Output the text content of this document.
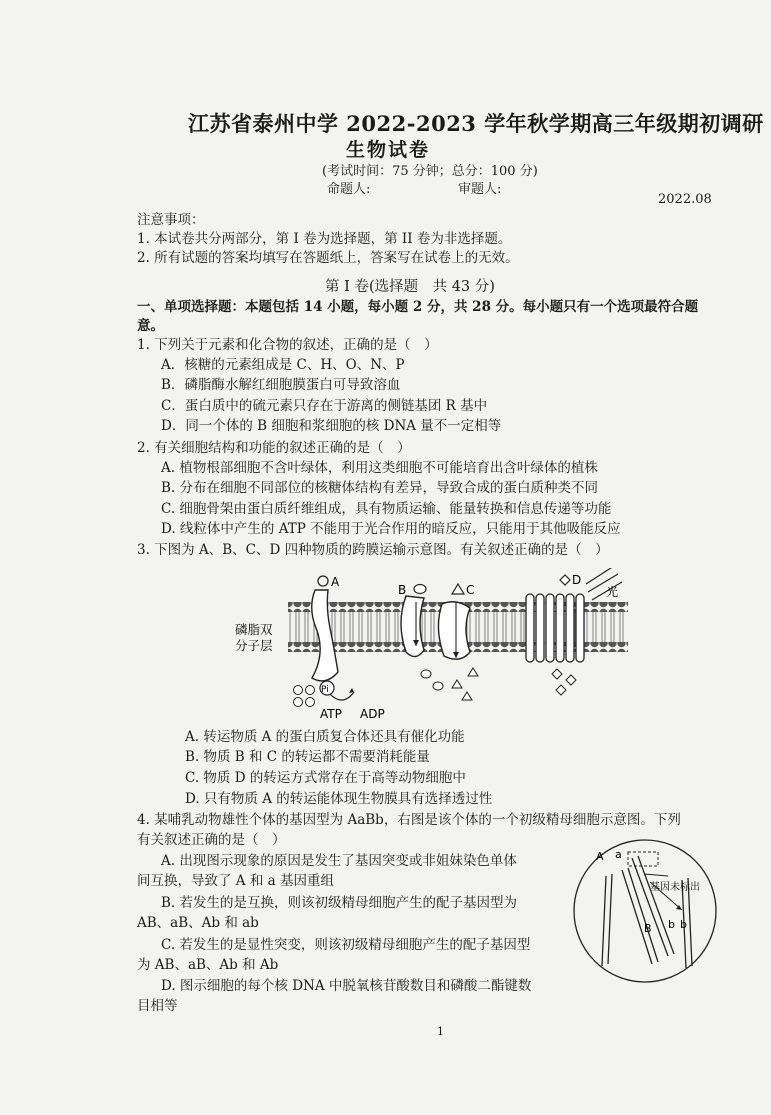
江苏省泰州中学 2022-2023 学年秋学期高三年级期初调研
生物试卷
(考试时间：75 分钟；总分：100 分)
命题人:	审题人:
2022.08
注意事项：
1. 本试卷共分两部分，第 I 卷为选择题，第 II 卷为非选择题。
2. 所有试题的答案均填写在答题纸上，答案写在试卷上的无效。
第 I 卷(选择题　共 43 分)
一、单项选择题：本题包括 14 小题，每小题 2 分，共 28 分。每小题只有一个选项最符合题
意。
1. 下列关于元素和化合物的叙述，正确的是（　）
A．核糖的元素组成是 C、H、O、N、P
B．磷脂酶水解红细胞膜蛋白可导致溶血
C．蛋白质中的硫元素只存在于游离的侧链基团 R 基中
D．同一个体的 B 细胞和浆细胞的核 DNA 量不一定相等
2. 有关细胞结构和功能的叙述正确的是（　）
A. 植物根部细胞不含叶绿体，利用这类细胞不可能培育出含叶绿体的植株
B. 分布在细胞不同部位的核糖体结构有差异，导致合成的蛋白质种类不同
C. 细胞骨架由蛋白质纤维组成，具有物质运输、能量转换和信息传递等功能
D. 线粒体中产生的 ATP 不能用于光合作用的暗反应，只能用于其他吸能反应
3. 下图为 A、B、C、D 四种物质的跨膜运输示意图。有关叙述正确的是（　）
A
Pi
ATP ADP
B	C
D
光
磷脂双
分子层
A. 转运物质 A 的蛋白质复合体还具有催化功能
B. 物质 B 和 C 的转运都不需要消耗能量
C. 物质 D 的转运方式常存在于高等动物细胞中
D. 只有物质 A 的转运能体现生物膜具有选择透过性
4. 某哺乳动物雄性个体的基因型为 AaBb，右图是该个体的一个初级精母细胞示意图。下列
有关叙述正确的是（　）
A. 出现图示现象的原因是发生了基因突变或非姐妹染色单体
间互换，导致了 A 和 a 基因重组
B. 若发生的是互换，则该初级精母细胞产生的配子基因型为
AB、aB、Ab 和 ab
C. 若发生的是显性突变，则该初级精母细胞产生的配子基因型
为 AB、aB、Ab 和 Ab
D. 图示细胞的每个核 DNA 中脱氧核苷酸数目和磷酸二酯键数
目相等
A a
基因未标出
B b b
1
